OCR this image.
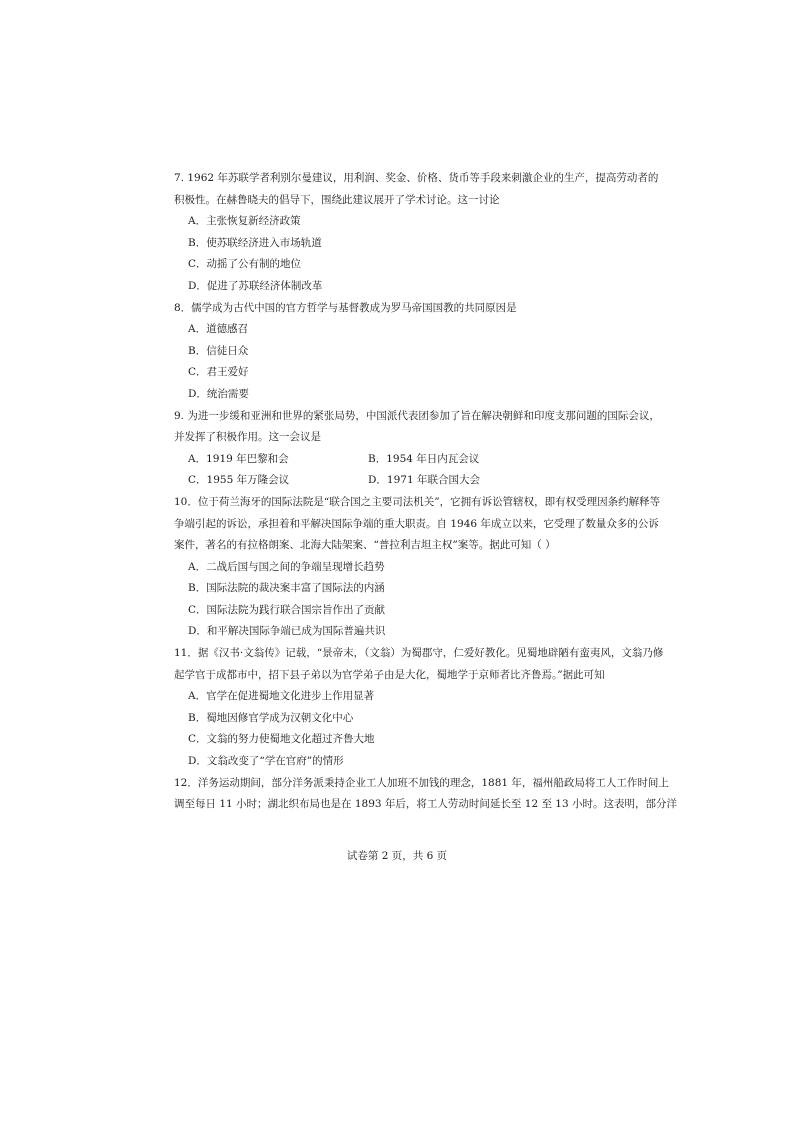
7. 1962 年苏联学者利别尔曼建议，用利润、奖金、价格、货币等手段来刺激企业的生产，提高劳动者的

积极性。在赫鲁晓夫的倡导下，围绕此建议展开了学术讨论。这一讨论

A．主张恢复新经济政策

B．使苏联经济进入市场轨道

C．动摇了公有制的地位

D．促进了苏联经济体制改革

8．儒学成为古代中国的官方哲学与基督教成为罗马帝国国教的共同原因是

A．道德感召

B．信徒日众

C．君王爱好

D．统治需要

9. 为进一步缓和亚洲和世界的紧张局势，中国派代表团参加了旨在解决朝鲜和印度支那问题的国际会议，

并发挥了积极作用。这一会议是

A．1919 年巴黎和会	B．1954 年日内瓦会议
C．1955 年万隆会议	D．1971 年联合国大会

10．位于荷兰海牙的国际法院是“联合国之主要司法机关”，它拥有诉讼管辖权，即有权受理因条约解释等

争端引起的诉讼，承担着和平解决国际争端的重大职责。自 1946 年成立以来，它受理了数量众多的公诉

案件，著名的有拉格朗案、北海大陆架案、“普拉利吉坦主权”案等。据此可知（ ）

A．二战后国与国之间的争端呈现增长趋势

B．国际法院的裁决案丰富了国际法的内涵

C．国际法院为践行联合国宗旨作出了贡献

D．和平解决国际争端已成为国际普遍共识

11．据《汉书·文翁传》记载，“景帝末，（文翁）为蜀郡守，仁爱好教化。见蜀地辟陋有蛮夷风，文翁乃修

起学官于成都市中，招下县子弟以为官学弟子由是大化，蜀地学于京师者比齐鲁焉。”据此可知

A．官学在促进蜀地文化进步上作用显著

B．蜀地因修官学成为汉朝文化中心

C．文翁的努力使蜀地文化超过齐鲁大地

D．文翁改变了“学在官府”的情形

12．洋务运动期间，部分洋务派秉持企业工人加班不加钱的理念，1881 年，福州船政局将工人工作时间上

调至每日 11 小时；湖北织布局也是在 1893 年后，将工人劳动时间延长至 12 至 13 小时。这表明，部分洋

试卷第 2 页，共 6 页
